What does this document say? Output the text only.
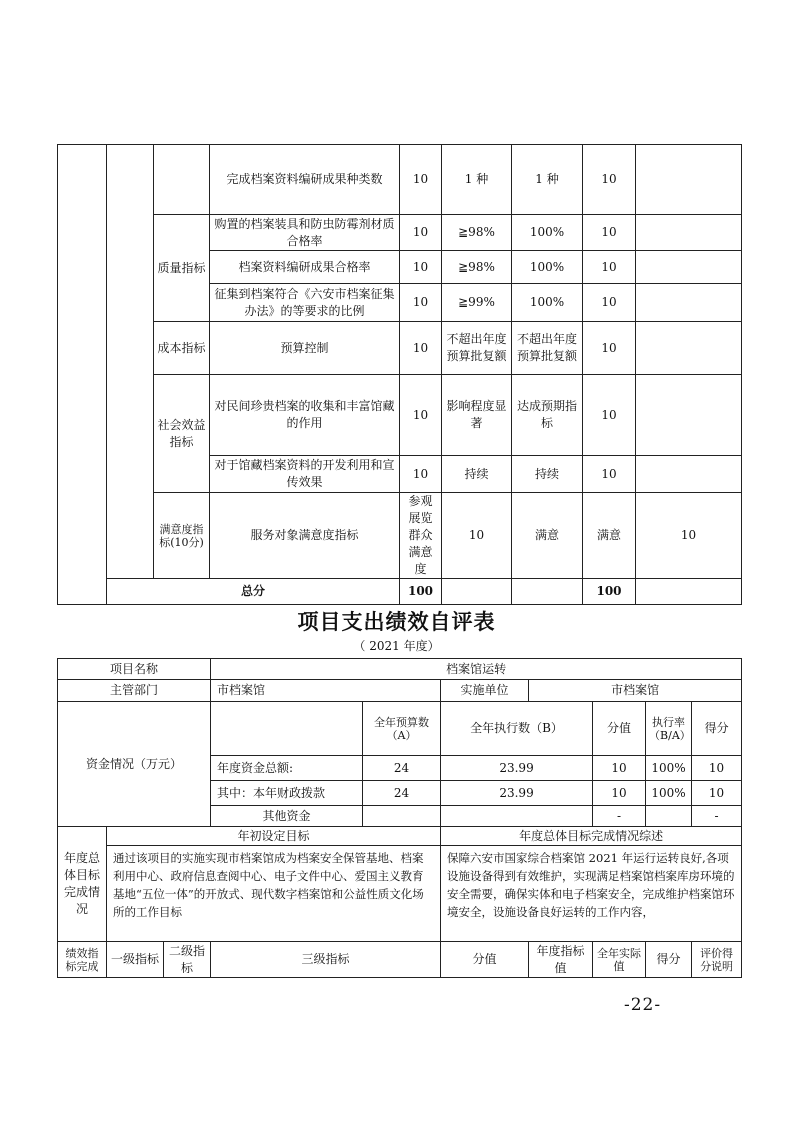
			完成档案资料编研成果种类数	10	1 种	1 种	10		
		质量指标	购置的档案装具和防虫防霉剂材质合格率	10	≧98%	100%	10		
			档案资料编研成果合格率	10	≧98%	100%	10		
			征集到档案符合《六安市档案征集办法》的等要求的比例	10	≧99%	100%	10		
		成本指标	预算控制	10	不超出年度预算批复额	不超出年度预算批复额	10		
		社会效益指标	对民间珍贵档案的收集和丰富馆藏的作用	10	影响程度显著	达成预期指标	10		
			对于馆藏档案资料的开发利用和宣传效果	10	持续	持续	10		
		满意度指标(10分)	服务对象满意度指标	参观展览群众满意度	10	满意	满意	10	
	总分			100			100		
项目支出绩效自评表
（ 2021 年度）
项目名称			档案馆运转						
主管部门			市档案馆		实施单位	市档案馆			
资金情况（万元）				全年预算数（A）	全年执行数（B）		分值	执行率（B/A）	得分
			年度资金总额:	24	23.99		10	100%	10
			其中：本年财政拨款	24	23.99		10	100%	10
			其他资金				-		-
年度总体目标完成情况	年初设定目标				年度总体目标完成情况综述				
	通过该项目的实施实现市档案馆成为档案安全保管基地、档案利用中心、政府信息查阅中心、电子文件中心、爱国主义教育基地“五位一体”的开放式、现代数字档案馆和公益性质文化场所的工作目标				保障六安市国家综合档案馆 2021 年运行运转良好,各项设施设备得到有效维护，实现满足档案馆档案库房环境的安全需要，确保实体和电子档案安全，完成维护档案馆环境安全，设施设备良好运转的工作内容，				
绩效指标完成	一级指标	二级指标	三级指标		分值	年度指标值	全年实际值	得分	评价得分说明
-22-
